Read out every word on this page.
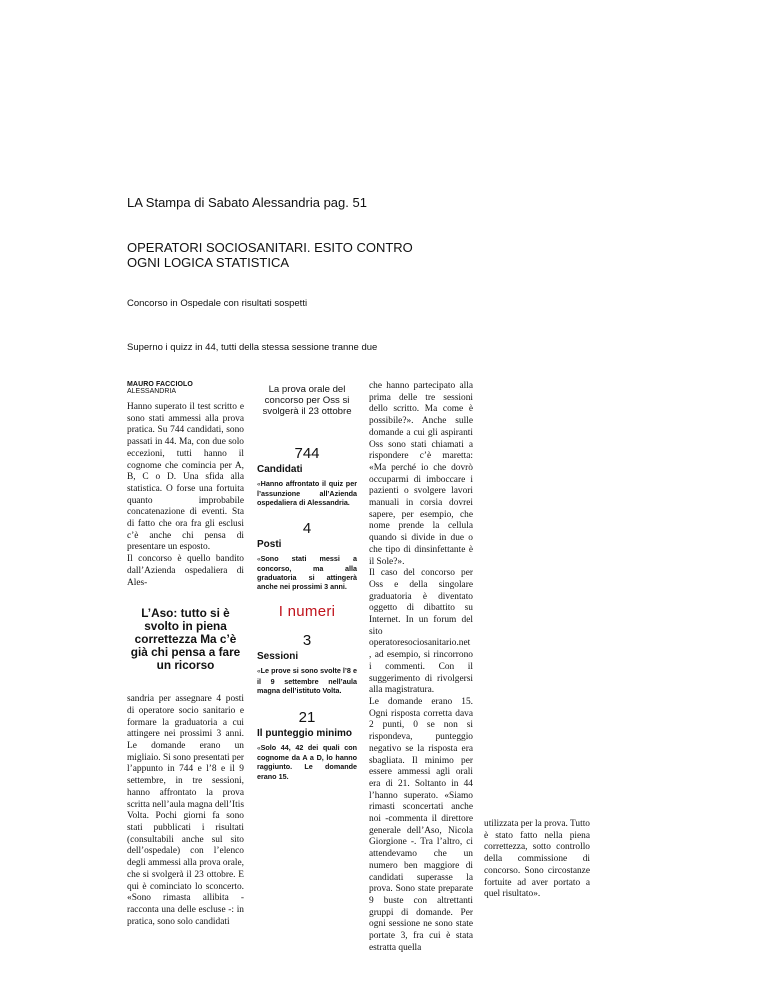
LA Stampa di Sabato Alessandria pag. 51
OPERATORI SOCIOSANITARI. ESITO CONTRO
OGNI LOGICA STATISTICA
Concorso in Ospedale con risultati sospetti
Superno i quizz in 44, tutti della stessa sessione tranne due
MAURO FACCIOLO
ALESSANDRIA

Hanno superato il test scritto e sono stati ammessi alla prova pratica. Su 744 candidati, sono passati in 44. Ma, con due solo eccezioni, tutti hanno il cognome che comincia per A, B, C o D. Una sfida alla statistica. O forse una fortuita quanto improbabile concatenazione di eventi. Sta di fatto che ora fra gli esclusi c’è anche chi pensa di presentare un esposto.

Il concorso è quello bandito dall’Azienda ospedaliera di Ales-

L’Aso: tutto si è svolto in piena correttezza Ma c’è già chi pensa a fare un ricorso

sandria per assegnare 4 posti di operatore socio sanitario e formare la graduatoria a cui attingere nei prossimi 3 anni. Le domande erano un migliaio. Si sono presentati per l’appunto in 744 e l’8 e il 9 settembre, in tre sessioni, hanno affrontato la prova scritta nell’aula magna dell’Itis Volta. Pochi giorni fa sono stati pubblicati i risultati (consultabili anche sul sito dell’ospedale) con l’elenco degli ammessi alla prova orale, che si svolgerà il 23 ottobre. E qui è cominciato lo sconcerto. «Sono rimasta allibita -racconta una delle escluse -: in pratica, sono solo candidati

La prova orale del concorso per Oss si svolgerà il 23 ottobre
744
Candidati
«Hanno affrontato il quiz per l’assunzione all’Azienda ospedaliera di Alessandria.
4
Posti
«Sono stati messi a concorso, ma alla graduatoria si attingerà anche nei prossimi 3 anni.
I numeri
3
Sessioni
«Le prove si sono svolte l’8 e il 9 settembre nell’aula magna dell’istituto Volta.
21
Il punteggio minimo
«Solo 44, 42 dei quali con cognome da A a D, lo hanno raggiunto. Le domande erano 15.

che hanno partecipato alla prima delle tre sessioni dello scritto. Ma come è possibile?». Anche sulle domande a cui gli aspiranti Oss sono stati chiamati a rispondere c’è maretta: «Ma perché io che dovrò occuparmi di imboccare i pazienti o svolgere lavori manuali in corsia dovrei sapere, per esempio, che nome prende la cellula quando si divide in due o che tipo di dinsinfettante è il Sole?».

Il caso del concorso per Oss e della singolare graduatoria è diventato oggetto di dibattito su Internet. In un forum del sito operatoresociosanitario.net , ad esempio, si rincorrono i commenti. Con il suggerimento di rivolgersi alla magistratura.

Le domande erano 15. Ogni risposta corretta dava 2 punti, 0 se non si rispondeva, punteggio negativo se la risposta era sbagliata. Il minimo per essere ammessi agli orali era di 21. Soltanto in 44 l’hanno superato. «Siamo rimasti sconcertati anche noi -commenta il direttore generale dell’Aso, Nicola Giorgione -. Tra l’altro, ci attendevamo che un numero ben maggiore di candidati superasse la prova. Sono state preparate 9 buste con altrettanti gruppi di domande. Per ogni sessione ne sono state portate 3, fra cui è stata estratta quella

utilizzata per la prova. Tutto è stato fatto nella piena correttezza, sotto controllo della commissione di concorso. Sono circostanze fortuite ad aver portato a quel risultato».
